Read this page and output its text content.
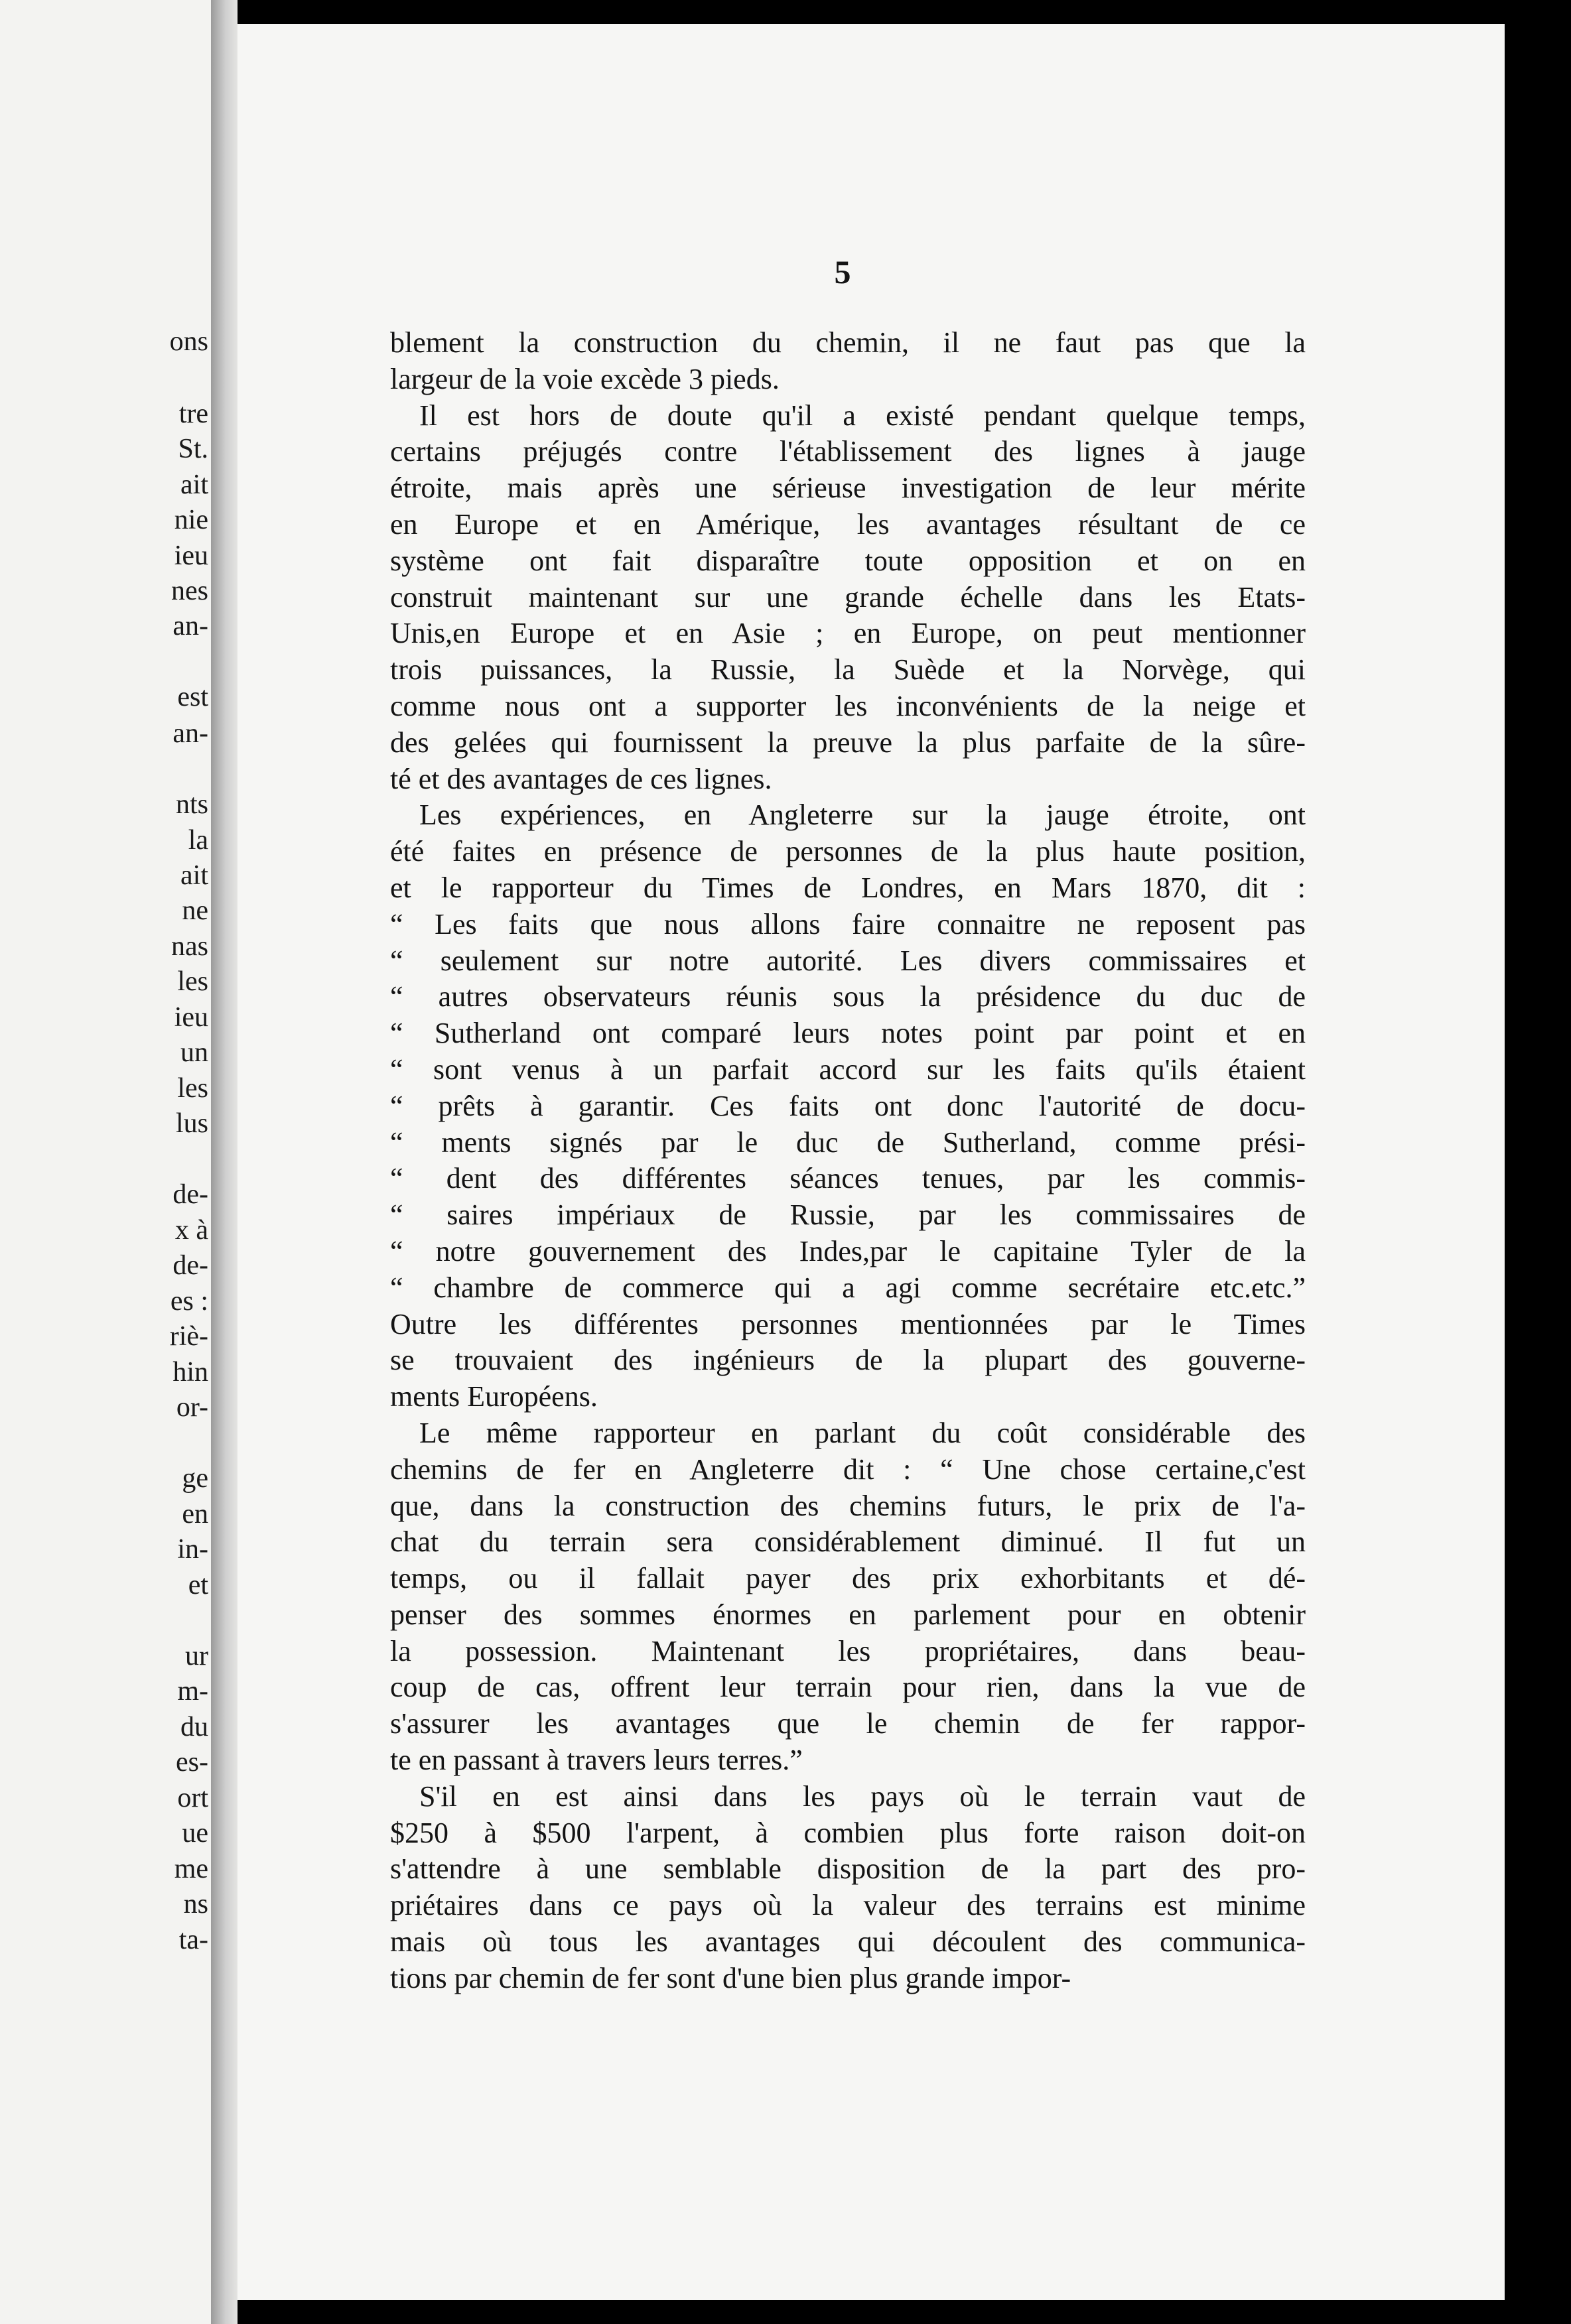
ons
tre
St.
ait
nie
ieu
nes
an-
est
an-
nts
la
ait
ne
nas
les
ieu
un
les
lus
de-
x à
de-
es :
riè-
hin
or-
ge
en
in-
et
ur
m-
du
es-
ort
ue
me
ns
ta-
5
blement la construction du chemin, il ne faut pas que la
largeur de la voie excède 3 pieds.
Il est hors de doute qu'il a existé pendant quelque temps,
certains préjugés contre l'établissement des lignes à jauge
étroite, mais après une sérieuse investigation de leur mérite
en Europe et en Amérique, les avantages résultant de ce
système ont fait disparaître toute opposition et on en
construit maintenant sur une grande échelle dans les Etats-
Unis,en Europe et en Asie ; en Europe, on peut mentionner
trois puissances, la Russie, la Suède et la Norvège, qui
comme nous ont a supporter les inconvénients de la neige et
des gelées qui fournissent la preuve la plus parfaite de la sûre-
té et des avantages de ces lignes.
Les expériences, en Angleterre sur la jauge étroite, ont
été faites en présence de personnes de la plus haute position,
et le rapporteur du Times de Londres, en Mars 1870, dit :
“ Les faits que nous allons faire connaitre ne reposent pas
“ seulement sur notre autorité. Les divers commissaires et
“ autres observateurs réunis sous la présidence du duc de
“ Sutherland ont comparé leurs notes point par point et en
“ sont venus à un parfait accord sur les faits qu'ils étaient
“ prêts à garantir. Ces faits ont donc l'autorité de docu-
“ ments signés par le duc de Sutherland, comme prési-
“ dent des différentes séances tenues, par les commis-
“ saires impériaux de Russie, par les commissaires de
“ notre gouvernement des Indes,par le capitaine Tyler de la
“ chambre de commerce qui a agi comme secrétaire etc.etc.”
Outre les différentes personnes mentionnées par le Times
se trouvaient des ingénieurs de la plupart des gouverne-
ments Européens.
Le même rapporteur en parlant du coût considérable des
chemins de fer en Angleterre dit : “ Une chose certaine,c'est
que, dans la construction des chemins futurs, le prix de l'a-
chat du terrain sera considérablement diminué. Il fut un
temps, ou il fallait payer des prix exhorbitants et dé-
penser des sommes énormes en parlement pour en obtenir
la possession. Maintenant les propriétaires, dans beau-
coup de cas, offrent leur terrain pour rien, dans la vue de
s'assurer les avantages que le chemin de fer rappor-
te en passant à travers leurs terres.”
S'il en est ainsi dans les pays où le terrain vaut de
$250 à $500 l'arpent, à combien plus forte raison doit-on
s'attendre à une semblable disposition de la part des pro-
priétaires dans ce pays où la valeur des terrains est minime
mais où tous les avantages qui découlent des communica-
tions par chemin de fer sont d'une bien plus grande impor-
